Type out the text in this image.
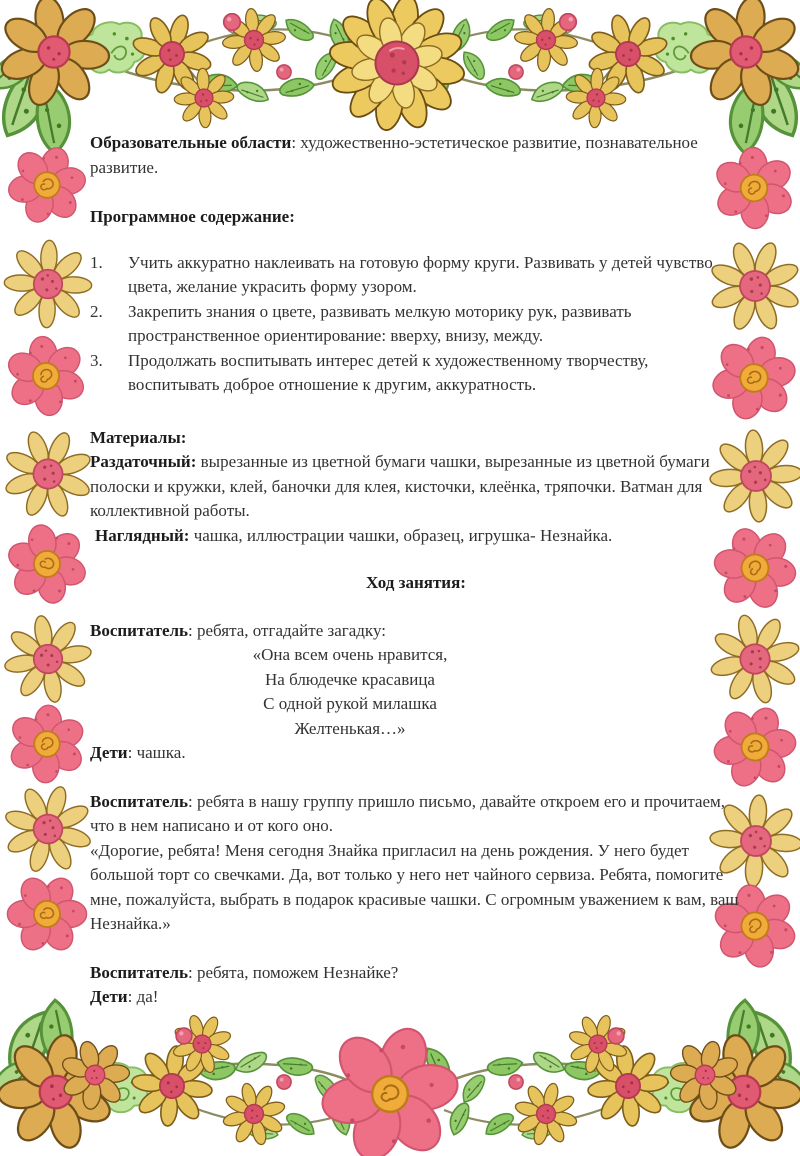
Образовательные области: художественно-эстетическое развитие, познавательное развитие.

Программное содержание:

1.	Учить аккуратно наклеивать на готовую форму круги. Развивать у детей чувство цвета, желание украсить форму узором.
2.	Закрепить знания о цвете, развивать мелкую моторику рук, развивать пространственное ориентирование: вверху, внизу, между.
3.	Продолжать воспитывать интерес детей к художественному творчеству, воспитывать доброе отношение к другим, аккуратность.

Материалы:

Раздаточный: вырезанные из цветной бумаги чашки, вырезанные из цветной бумаги полоски и кружки, клей, баночки для клея, кисточки, клеёнка, тряпочки. Ватман для коллективной работы.

Наглядный: чашка, иллюстрации чашки, образец, игрушка- Незнайка.

Ход занятия:

Воспитатель: ребята, отгадайте загадку:

«Она всем очень нравится,
На блюдечке красавица
С одной рукой милашка
Желтенькая…»

Дети: чашка.

Воспитатель: ребята в нашу группу пришло письмо, давайте откроем его и прочитаем, что в нем написано и от кого оно.

«Дорогие, ребята! Меня сегодня Знайка пригласил на день рождения. У него будет большой торт со свечками. Да, вот только у него нет чайного сервиза. Ребята, помогите мне, пожалуйста, выбрать в подарок красивые чашки. С огромным уважением к вам, ваш Незнайка.»

Воспитатель: ребята, поможем Незнайке?

Дети: да!
